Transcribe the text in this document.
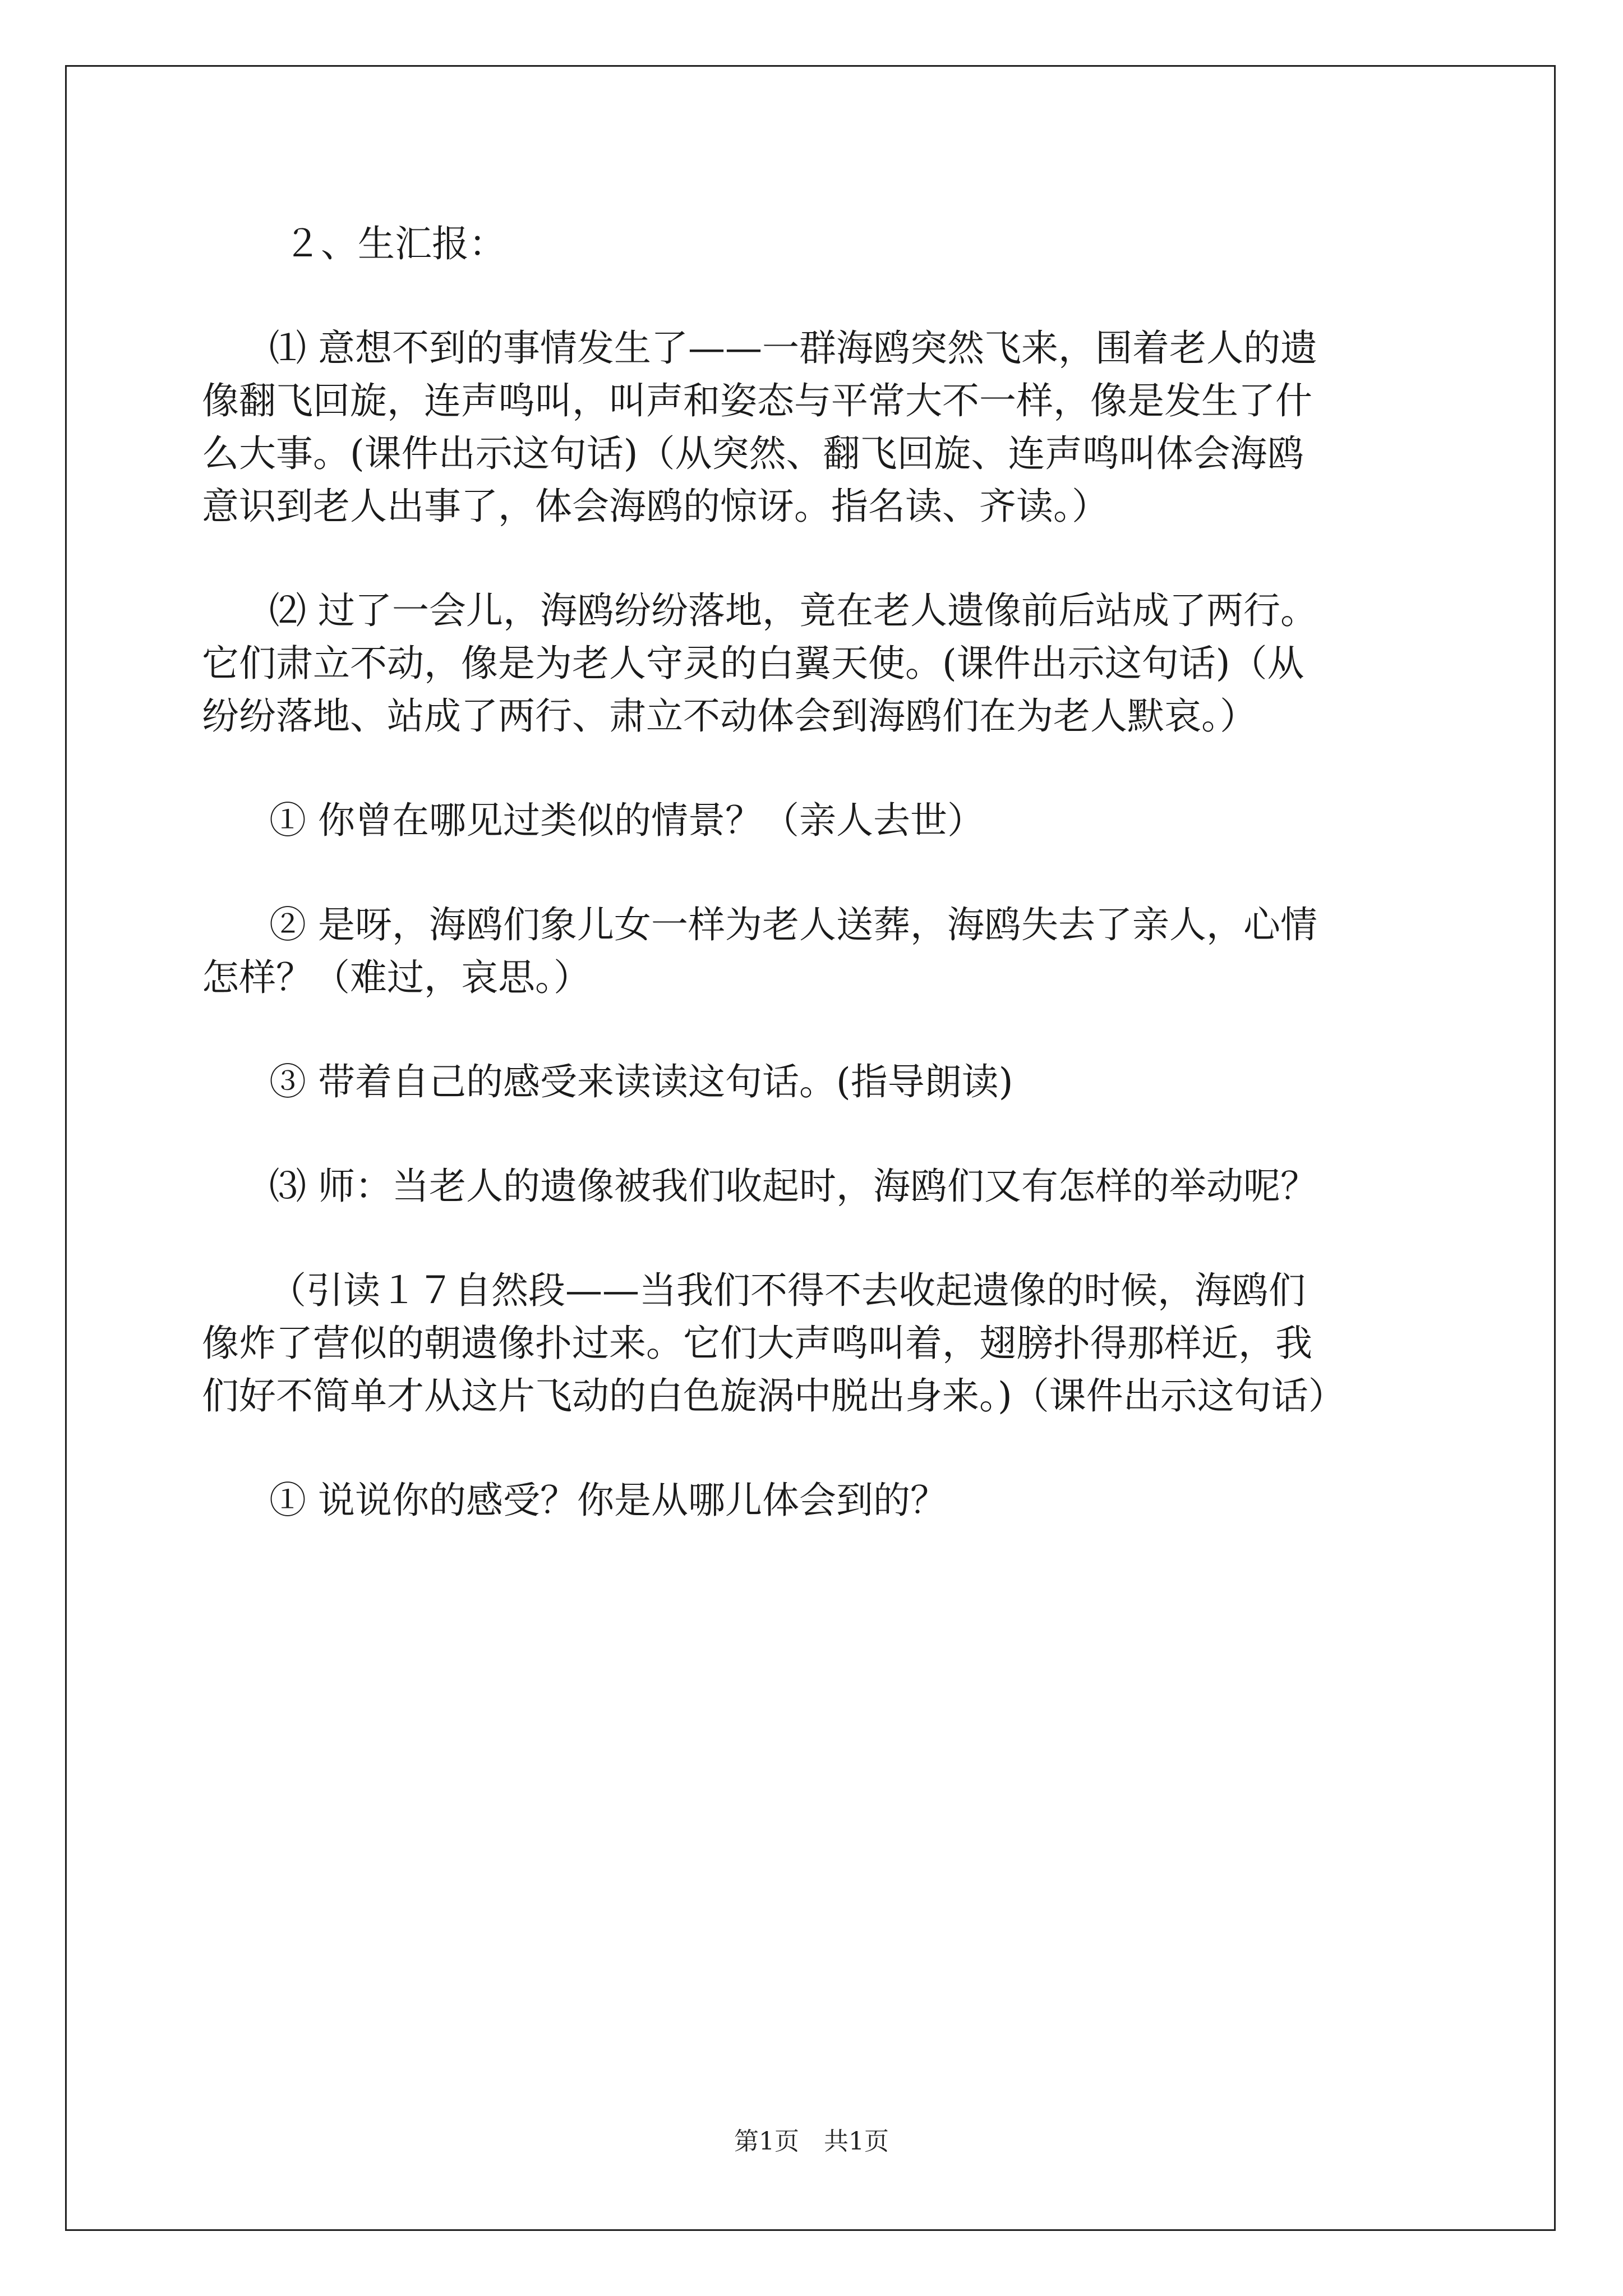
２、生汇报：
⑴ 意想不到的事情发生了——一群海鸥突然飞来，围着老人的遗
像翻飞回旋，连声鸣叫，叫声和姿态与平常大不一样，像是发生了什
么大事。(课件出示这句话)（从突然、翻飞回旋、连声鸣叫体会海鸥
意识到老人出事了，体会海鸥的惊讶。指名读、齐读。）
⑵ 过了一会儿，海鸥纷纷落地，竟在老人遗像前后站成了两行。
它们肃立不动，像是为老人守灵的白翼天使。(课件出示这句话)（从
纷纷落地、站成了两行、肃立不动体会到海鸥们在为老人默哀。）
① 你曾在哪见过类似的情景？（亲人去世）
② 是呀，海鸥们象儿女一样为老人送葬，海鸥失去了亲人，心情
怎样？（难过，哀思。）
③ 带着自己的感受来读读这句话。(指导朗读)
⑶ 师：当老人的遗像被我们收起时，海鸥们又有怎样的举动呢？
（引读１７自然段——当我们不得不去收起遗像的时候，海鸥们
像炸了营似的朝遗像扑过来。它们大声鸣叫着，翅膀扑得那样近，我
们好不简单才从这片飞动的白色旋涡中脱出身来。)（课件出示这句话）
① 说说你的感受？你是从哪儿体会到的？
第1页　共1页
